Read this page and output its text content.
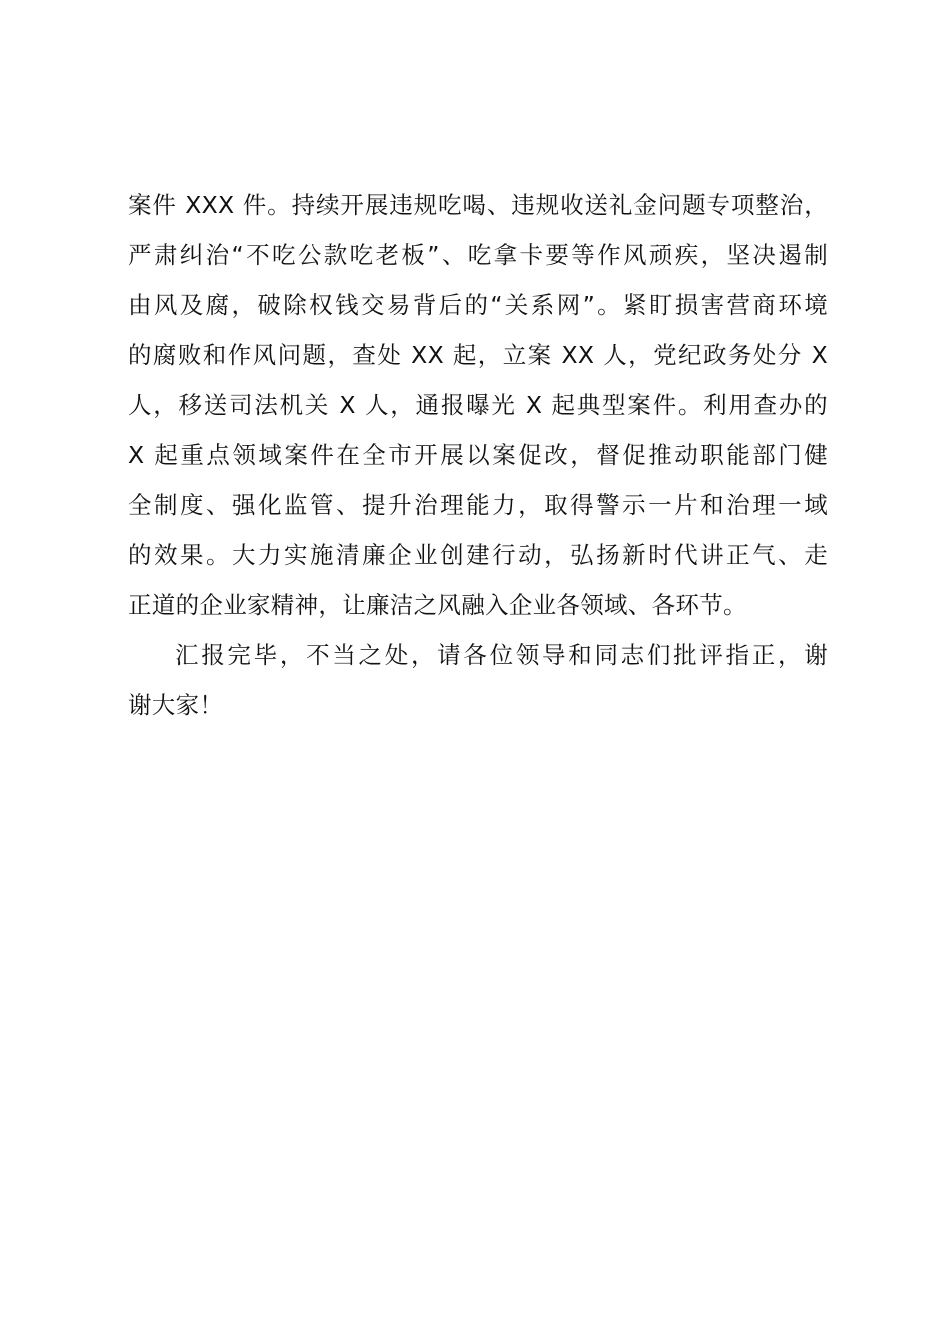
案件 XXX 件。持续开展违规吃喝、违规收送礼金问题专项整治，
严肃纠治“不吃公款吃老板”、吃拿卡要等作风顽疾，坚决遏制
由风及腐，破除权钱交易背后的“关系网”。紧盯损害营商环境
的腐败和作风问题，查处 XX 起，立案 XX 人，党纪政务处分 X
人，移送司法机关 X 人，通报曝光 X 起典型案件。利用查办的
X 起重点领域案件在全市开展以案促改，督促推动职能部门健
全制度、强化监管、提升治理能力，取得警示一片和治理一域
的效果。大力实施清廉企业创建行动，弘扬新时代讲正气、走
正道的企业家精神，让廉洁之风融入企业各领域、各环节。
汇报完毕，不当之处，请各位领导和同志们批评指正，谢
谢大家！
